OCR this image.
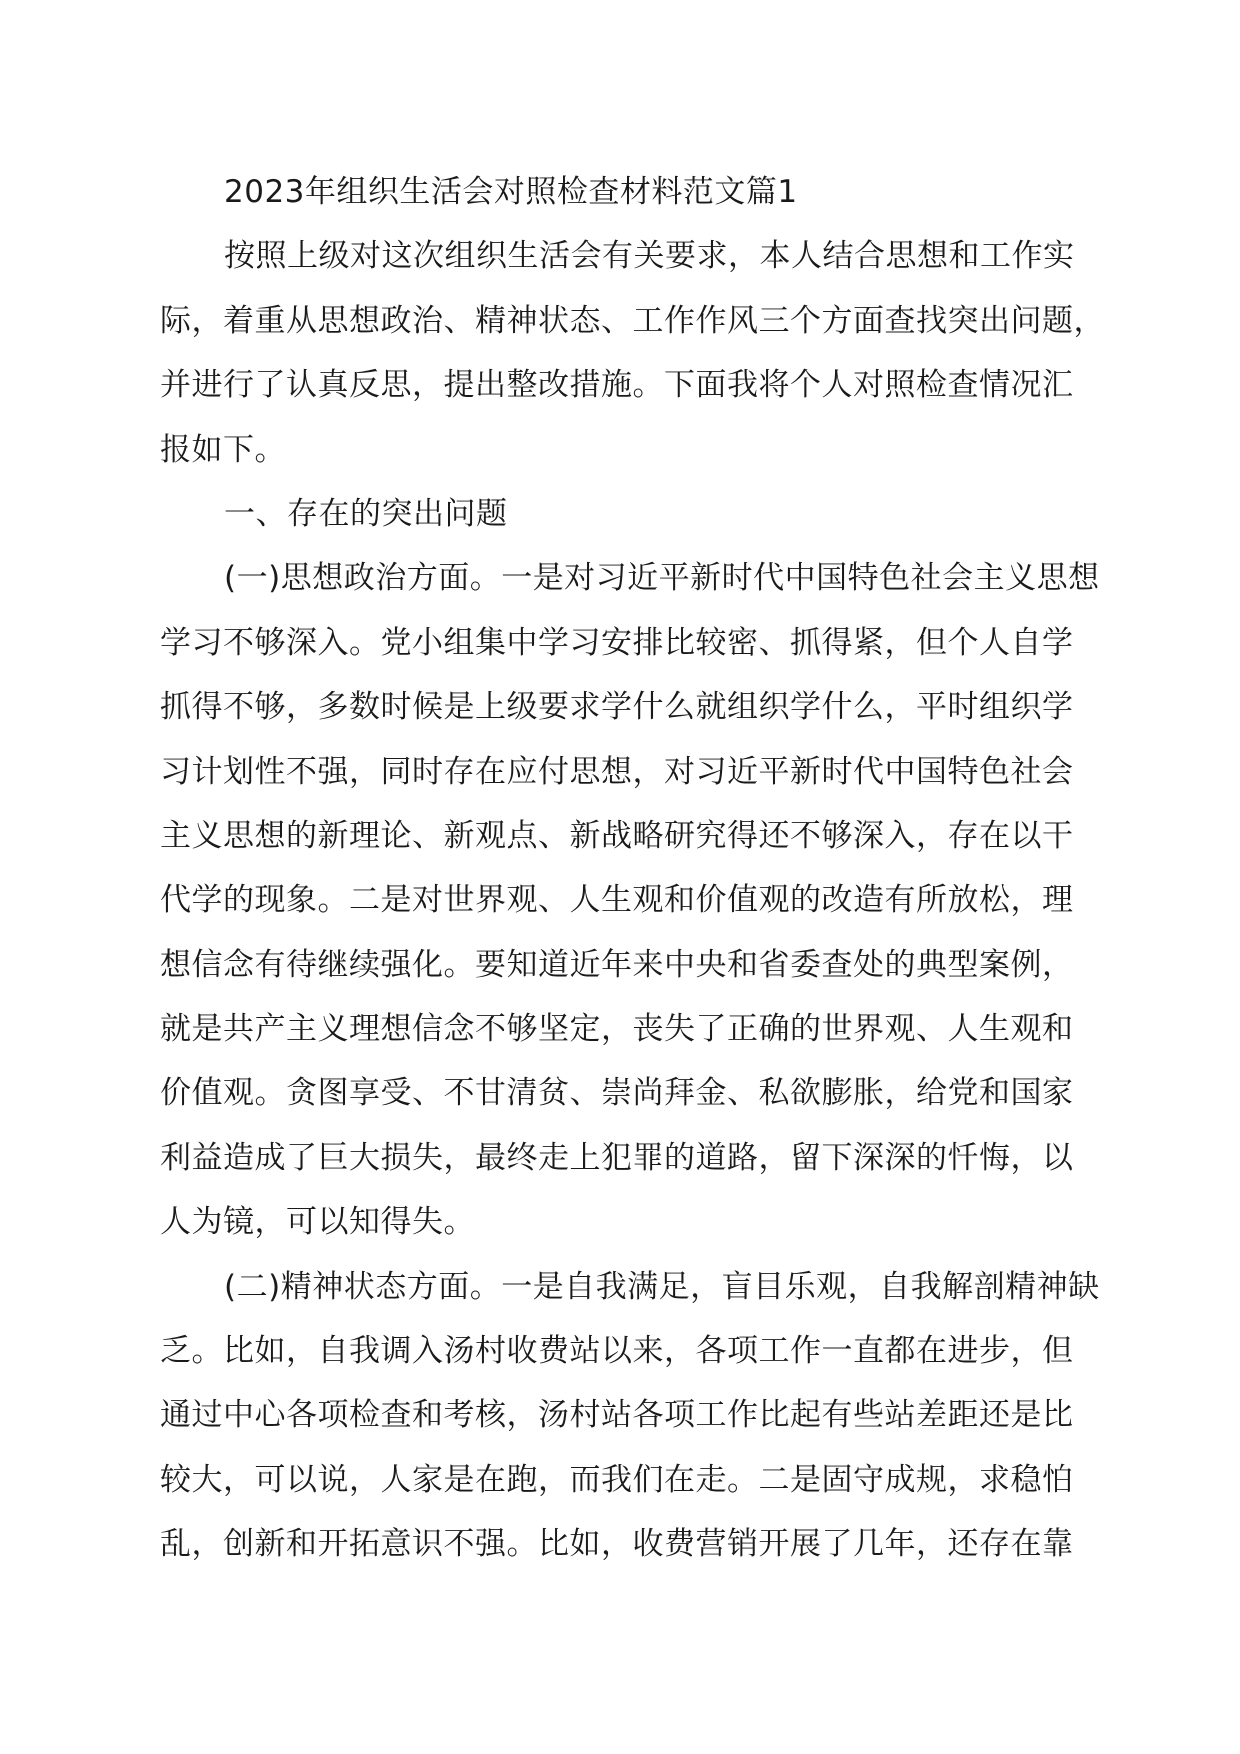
2023年组织生活会对照检查材料范文篇1
按照上级对这次组织生活会有关要求，本人结合思想和工作实
际，着重从思想政治、精神状态、工作作风三个方面查找突出问题，
并进行了认真反思，提出整改措施。下面我将个人对照检查情况汇
报如下。
一、存在的突出问题
(一)思想政治方面。一是对习近平新时代中国特色社会主义思想
学习不够深入。党小组集中学习安排比较密、抓得紧，但个人自学
抓得不够，多数时候是上级要求学什么就组织学什么，平时组织学
习计划性不强，同时存在应付思想，对习近平新时代中国特色社会
主义思想的新理论、新观点、新战略研究得还不够深入，存在以干
代学的现象。二是对世界观、人生观和价值观的改造有所放松，理
想信念有待继续强化。要知道近年来中央和省委查处的典型案例，
就是共产主义理想信念不够坚定，丧失了正确的世界观、人生观和
价值观。贪图享受、不甘清贫、崇尚拜金、私欲膨胀，给党和国家
利益造成了巨大损失，最终走上犯罪的道路，留下深深的忏悔，以
人为镜，可以知得失。
(二)精神状态方面。一是自我满足，盲目乐观，自我解剖精神缺
乏。比如，自我调入汤村收费站以来，各项工作一直都在进步，但
通过中心各项检查和考核，汤村站各项工作比起有些站差距还是比
较大，可以说，人家是在跑，而我们在走。二是固守成规，求稳怕
乱，创新和开拓意识不强。比如，收费营销开展了几年，还存在靠
